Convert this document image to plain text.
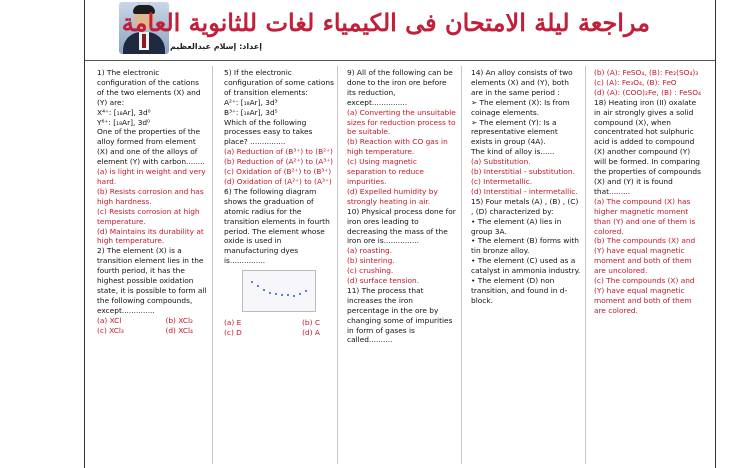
إعداد: إسلام عبدالعظيم
مراجعة ليلة الامتحان فى الكيمياء لغات للثانوية العامة

1) The electronic configuration of the cations of the two elements (X) and (Y) are:

X⁴⁺: [₁₈Ar], 3d⁰

Y⁶⁺: [₁₈Ar], 3d⁰

One of the properties of the alloy formed from element (X) and one of the alloys of element (Y) with carbon........

(a) is light in weight and very hard.

(b) Resists corrosion and has high hardness.

(c) Resists corrosion at high temperature.

(d) Maintains its durability at high temperature.

2) The element (X) is a transition element lies in the fourth period, it has the highest possible oxidation state, it is possible to form all the following compounds, except..............

(a) XCl	(b) XCl₂
(c) XCl₃	(d) XCl₄

5) If the electronic configuration of some cations of transition elements:

A²⁺: [₁₈Ar], 3d³

B³⁺: [₁₈Ar], 3d⁵

Which of the following processes easy to takes place? ...............

(a) Reduction of (B³⁺) to (B²⁺)

(b) Reduction of (A²⁺) to (A³⁺)

(c) Oxidation of (B²⁺) to (B³⁺)

(d) Oxidation of (A²⁺) to (A³⁺)

6) The following diagram shows the graduation of atomic radius for the transition elements in fourth period. The element whose oxide is used in manufacturing dyes is...............

(a) E	(b) C
(c) D	(d) A

9) All of the following can be done to the iron ore before its reduction, except...............

(a) Converting the unsuitable sizes for reduction process to be suitable.

(b) Reaction with CO gas in high temperature.

(c) Using magnetic separation to reduce impurities.

(d) Expelled humidity by strongly heating in air.

10) Physical process done for iron ores leading to decreasing the mass of the iron ore is...............

(a) roasting.

(b) sintering.

(c) crushing.

(d) surface tension.

11) The process that increases the iron percentage in the ore by changing some of impurities in form of gases is called..........

14) An alloy consists of two elements (X) and (Y), both are in the same period :

➢ The element (X): Is from coinage elements.

➢ The element (Y): Is a representative element exists in group (4A).

The kind of alloy is......

(a) Substitution.

(b) Interstitial - substitution.

(c) Intermetallic.

(d) Interstitial - intermetallic.

15) Four metals (A) , (B) , (C) , (D) characterized by:

• The element (A) lies in group 3A.

• The element (B) forms with tin bronze alloy.

• The element (C) used as a catalyst in ammonia industry.

• The element (D) non transition, and found in d-block.

(b) (A): FeSO₄, (B): Fe₂(SO₄)₃

(c) (A): Fe₃O₄, (B): FeO

(d) (A): (COO)₂Fe, (B) : FeSO₄

18) Heating iron (II) oxalate in air strongly gives a solid compound (X), when concentrated hot sulphuric acid is added to compound (X) another compound (Y) will be formed. In comparing the properties of compounds (X) and (Y) it is found that.........

(a) The compound (X) has higher magnetic moment than (Y) and one of them is colored.

(b) The compounds (X) and (Y) have equal magnetic moment and both of them are uncolored.

(c) The compounds (X) and (Y) have equal magnetic moment and both of them are colored.
